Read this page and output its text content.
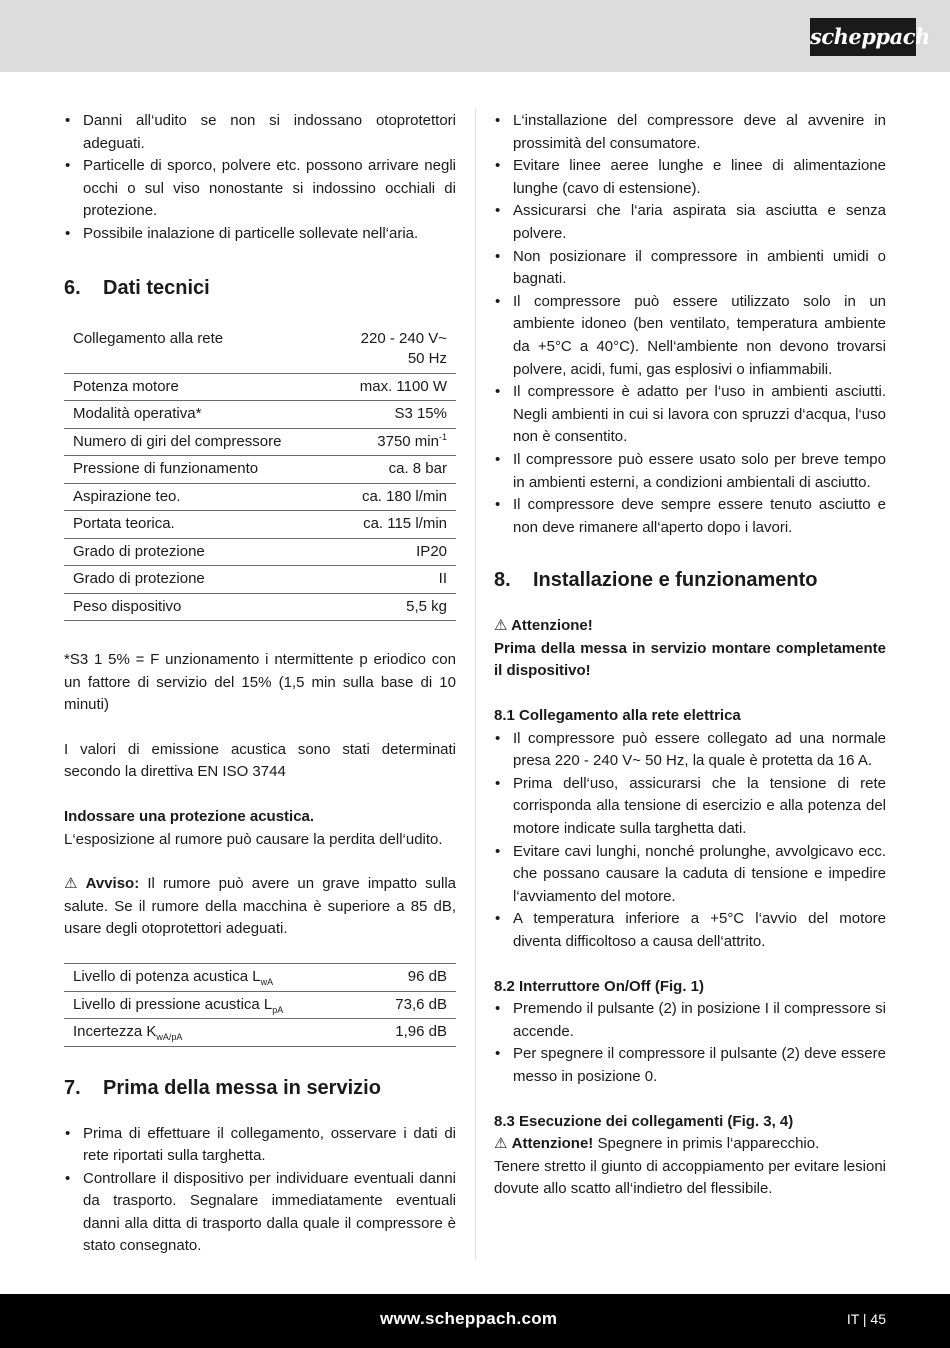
scheppach
• Danni all‘udito se non si indossano otoprotettori adeguati.
• Particelle di sporco, polvere etc. possono arrivare negli occhi o sul viso nonostante si indossino occhiali di protezione.
• Possibile inalazione di particelle sollevate nell‘aria.
6.	Dati tecnici
Collegamento alla rete	220 - 240 V~ 50 Hz
Potenza motore	max. 1100 W
Modalità operativa*	S3 15%
Numero di giri del compressore	3750 $\min^{-1}$
Pressione di funzionamento	ca. 8 bar
Aspirazione teo.	ca. 180 l/min
Portata teorica.	ca. 115 l/min
Grado di protezione	IP20
Grado di protezione	II
Peso dispositivo	5,5 kg

*S3 1 5% = F unzionamento i ntermittente p eriodico con un fattore di servizio del 15% (1,5 min sulla base di 10 minuti)

I valori di emissione acustica sono stati determinati secondo la direttiva EN ISO 3744

Indossare una protezione acustica.

L‘esposizione al rumore può causare la perdita dell‘udito.

⚠ Avviso: Il rumore può avere un grave impatto sulla salute. Se il rumore della macchina è superiore a 85 dB, usare degli otoprotettori adeguati.

Livello di potenza acustica $L_{wA}$	96 dB
Livello di pressione acustica $L_{pA}$	73,6 dB
Incertezza $K_{wA/pA}$	1,96 dB
7.	Prima della messa in servizio
• Prima di effettuare il collegamento, osservare i dati di rete riportati sulla targhetta.
• Controllare il dispositivo per individuare eventuali danni da trasporto. Segnalare immediatamente eventuali danni alla ditta di trasporto dalla quale il compressore è stato consegnato.
• L‘installazione del compressore deve al avvenire in prossimità del consumatore.
• Evitare linee aeree lunghe e linee di alimentazione lunghe (cavo di estensione).
• Assicurarsi che l‘aria aspirata sia asciutta e senza polvere.
• Non posizionare il compressore in ambienti umidi o bagnati.
• Il compressore può essere utilizzato solo in un ambiente idoneo (ben ventilato, temperatura ambiente da +5°C a 40°C). Nell‘ambiente non devono trovarsi polvere, acidi, fumi, gas esplosivi o infiammabili.
• Il compressore è adatto per l‘uso in ambienti asciutti. Negli ambienti in cui si lavora con spruzzi d‘acqua, l‘uso non è consentito.
• Il compressore può essere usato solo per breve tempo in ambienti esterni, a condizioni ambientali di asciutto.
• Il compressore deve sempre essere tenuto asciutto e non deve rimanere all‘aperto dopo i lavori.
8.	Installazione e funzionamento

⚠ Attenzione!

Prima della messa in servizio montare completamente il dispositivo!

8.1 Collegamento alla rete elettrica

• Il compressore può essere collegato ad una normale presa 220 - 240 V~ 50 Hz, la quale è protetta da 16 A.
• Prima dell‘uso, assicurarsi che la tensione di rete corrisponda alla tensione di esercizio e alla potenza del motore indicate sulla targhetta dati.
• Evitare cavi lunghi, nonché prolunghe, avvolgicavo ecc. che possano causare la caduta di tensione e impedire l‘avviamento del motore.
• A temperatura inferiore a +5°C l‘avvio del motore diventa difficoltoso a causa dell‘attrito.

8.2 Interruttore On/Off (Fig. 1)

• Premendo il pulsante (2) in posizione I il compressore si accende.
• Per spegnere il compressore il pulsante (2) deve essere messo in posizione 0.

8.3 Esecuzione dei collegamenti (Fig. 3, 4)

⚠ Attenzione! Spegnere in primis l‘apparecchio.

Tenere stretto il giunto di accoppiamento per evitare lesioni dovute allo scatto all‘indietro del flessibile.

www.scheppach.com	IT | 45
